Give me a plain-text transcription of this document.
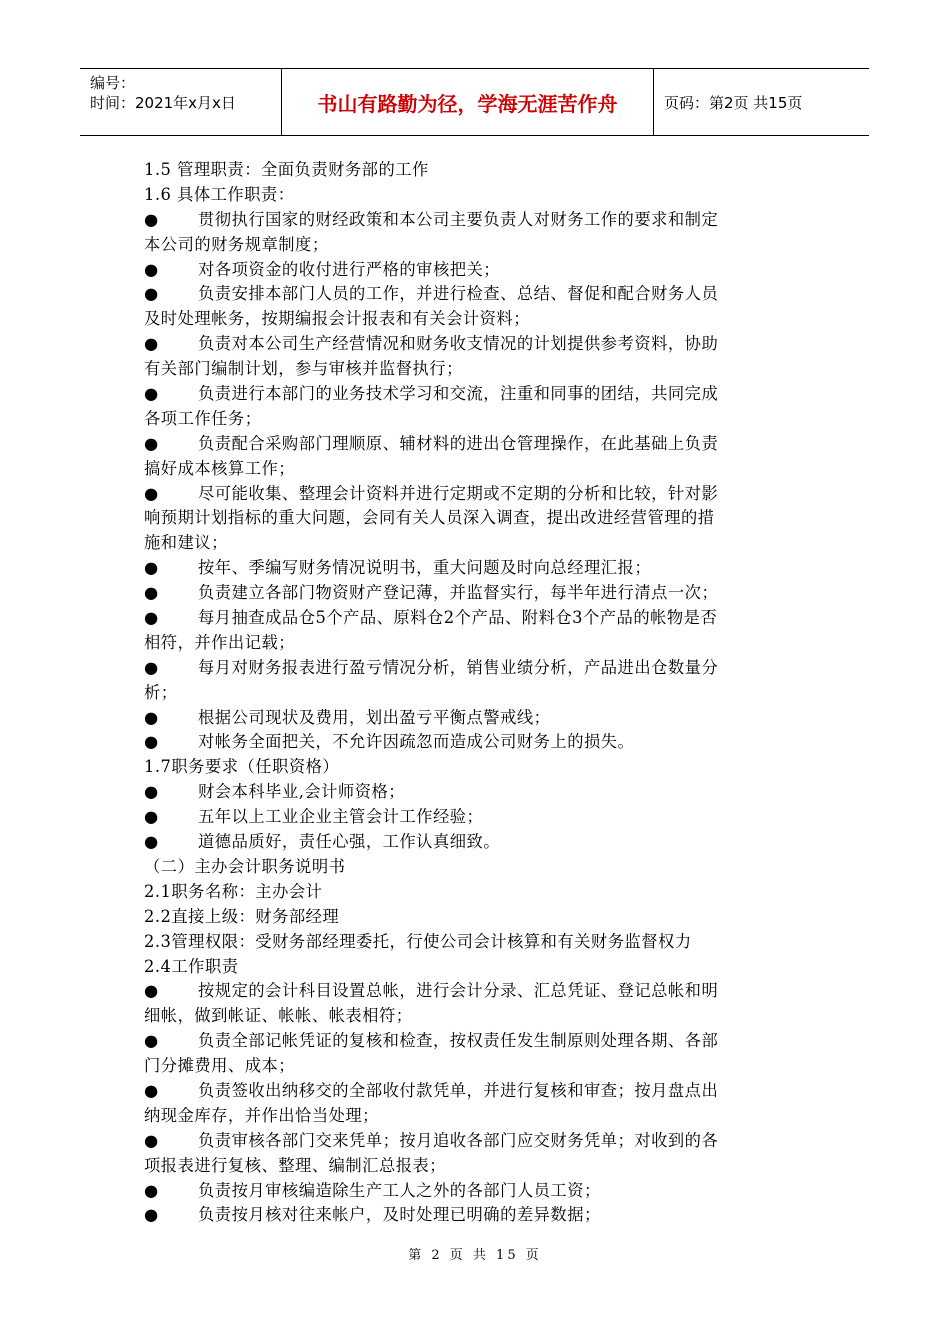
编号：
时间：2021年x月x日	书山有路勤为径，学海无涯苦作舟	页码：第2页 共15页
1.5 管理职责：全面负责财务部的工作
1.6 具体工作职责：
● 贯彻执行国家的财经政策和本公司主要负责人对财务工作的要求和制定
本公司的财务规章制度；
● 对各项资金的收付进行严格的审核把关；
● 负责安排本部门人员的工作，并进行检查、总结、督促和配合财务人员
及时处理帐务，按期编报会计报表和有关会计资料；
● 负责对本公司生产经营情况和财务收支情况的计划提供参考资料，协助
有关部门编制计划，参与审核并监督执行；
● 负责进行本部门的业务技术学习和交流，注重和同事的团结，共同完成
各项工作任务；
● 负责配合采购部门理顺原、辅材料的进出仓管理操作，在此基础上负责
搞好成本核算工作；
● 尽可能收集、整理会计资料并进行定期或不定期的分析和比较，针对影
响预期计划指标的重大问题，会同有关人员深入调查，提出改进经营管理的措
施和建议；
● 按年、季编写财务情况说明书，重大问题及时向总经理汇报；
● 负责建立各部门物资财产登记薄，并监督实行，每半年进行清点一次；
● 每月抽查成品仓5个产品、原料仓2个产品、附料仓3个产品的帐物是否
相符，并作出记载；
● 每月对财务报表进行盈亏情况分析，销售业绩分析，产品进出仓数量分
析；
● 根据公司现状及费用，划出盈亏平衡点警戒线；
● 对帐务全面把关，不允许因疏忽而造成公司财务上的损失。
1.7职务要求（任职资格）
● 财会本科毕业,会计师资格；
● 五年以上工业企业主管会计工作经验；
● 道德品质好，责任心强，工作认真细致。
（二）主办会计职务说明书
2.1职务名称：主办会计
2.2直接上级：财务部经理
2.3管理权限：受财务部经理委托，行使公司会计核算和有关财务监督权力
2.4工作职责
● 按规定的会计科目设置总帐，进行会计分录、汇总凭证、登记总帐和明
细帐，做到帐证、帐帐、帐表相符；
● 负责全部记帐凭证的复核和检查，按权责任发生制原则处理各期、各部
门分摊费用、成本；
● 负责签收出纳移交的全部收付款凭单，并进行复核和审查；按月盘点出
纳现金库存，并作出恰当处理；
● 负责审核各部门交来凭单；按月追收各部门应交财务凭单；对收到的各
项报表进行复核、整理、编制汇总报表；
● 负责按月审核编造除生产工人之外的各部门人员工资；
● 负责按月核对往来帐户，及时处理已明确的差异数据；
第 2 页 共 15 页
